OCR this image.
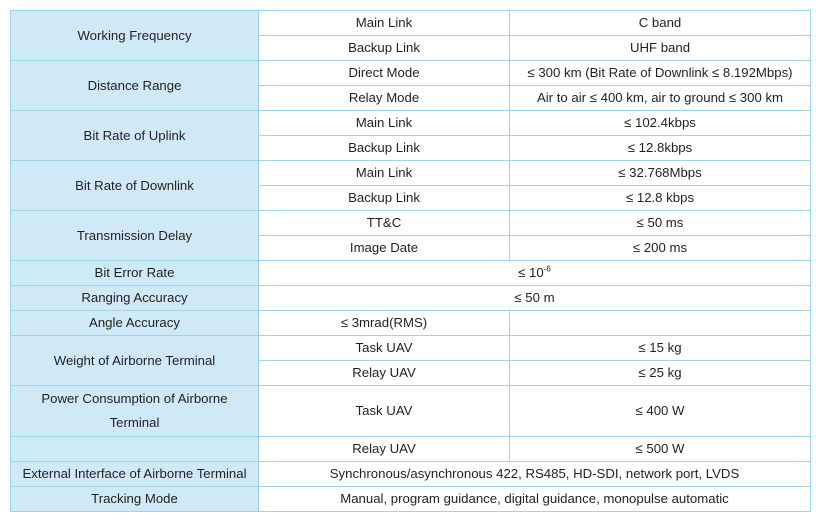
Working Frequency	Main Link	C band
	Backup Link	UHF band
Distance Range	Direct Mode	≤ 300 km (Bit Rate of Downlink ≤ 8.192Mbps)
	Relay Mode	Air to air ≤ 400 km, air to ground ≤ 300 km
Bit Rate of Uplink	Main Link	≤ 102.4kbps
	Backup Link	≤ 12.8kbps
Bit Rate of Downlink	Main Link	≤ 32.768Mbps
	Backup Link	≤ 12.8 kbps
Transmission Delay	TT&C	≤ 50 ms
	Image Date	≤ 200 ms
Bit Error Rate	≤ $10^{-6}$
Ranging Accuracy	≤ 50 m	
Angle Accuracy	≤ 3mrad(RMS)	
Weight of Airborne Terminal	Task UAV	≤ 15 kg
	Relay UAV	≤ 25 kg
Power Consumption of Airborne Terminal	Task UAV	≤ 400 W
	Relay UAV	≤ 500 W
External Interface of Airborne Terminal	Synchronous/asynchronous 422, RS485, HD-SDI, network port, LVDS	
Tracking Mode	Manual, program guidance, digital guidance, monopulse automatic	
